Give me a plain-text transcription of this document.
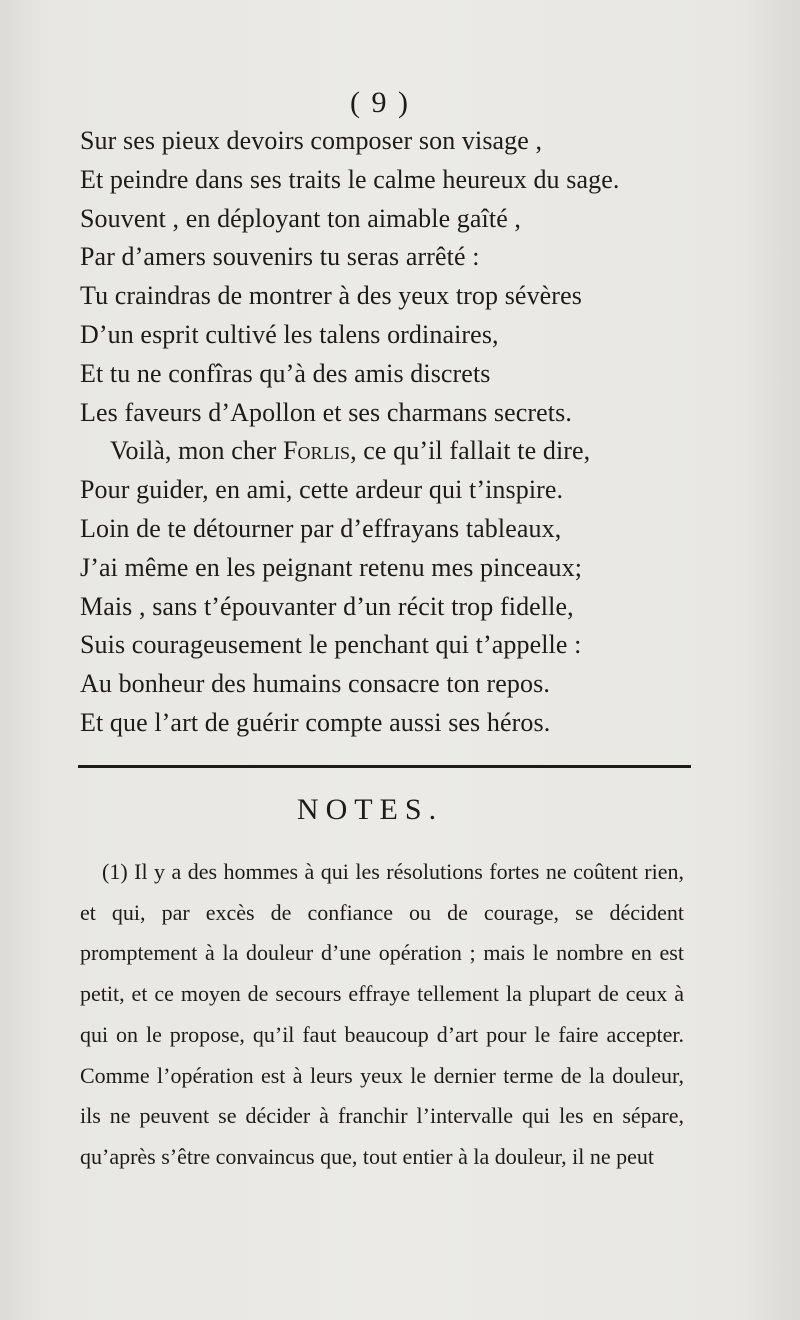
( 9 )
Sur ses pieux devoirs composer son visage ,
Et peindre dans ses traits le calme heureux du sage.
Souvent , en déployant ton aimable gaîté ,
Par d’amers souvenirs tu seras arrêté :
Tu craindras de montrer à des yeux trop sévères
D’un esprit cultivé les talens ordinaires,
Et tu ne confîras qu’à des amis discrets
Les faveurs d’Apollon et ses charmans secrets.
Voilà, mon cher Forlis, ce qu’il fallait te dire,
Pour guider, en ami, cette ardeur qui t’inspire.
Loin de te détourner par d’effrayans tableaux,
J’ai même en les peignant retenu mes pinceaux;
Mais , sans t’épouvanter d’un récit trop fidelle,
Suis courageusement le penchant qui t’appelle :
Au bonheur des humains consacre ton repos.
Et que l’art de guérir compte aussi ses héros.
NOTES.
(1) Il y a des hommes à qui les résolutions fortes ne coûtent rien, et qui, par excès de confiance ou de courage, se décident promptement à la douleur d’une opération ; mais le nombre en est petit, et ce moyen de secours effraye tellement la plupart de ceux à qui on le propose, qu’il faut beaucoup d’art pour le faire accepter. Comme l’opération est à leurs yeux le dernier terme de la douleur, ils ne peuvent se décider à franchir l’intervalle qui les en sépare, qu’après s’être convaincus que, tout entier à la douleur, il ne peut
